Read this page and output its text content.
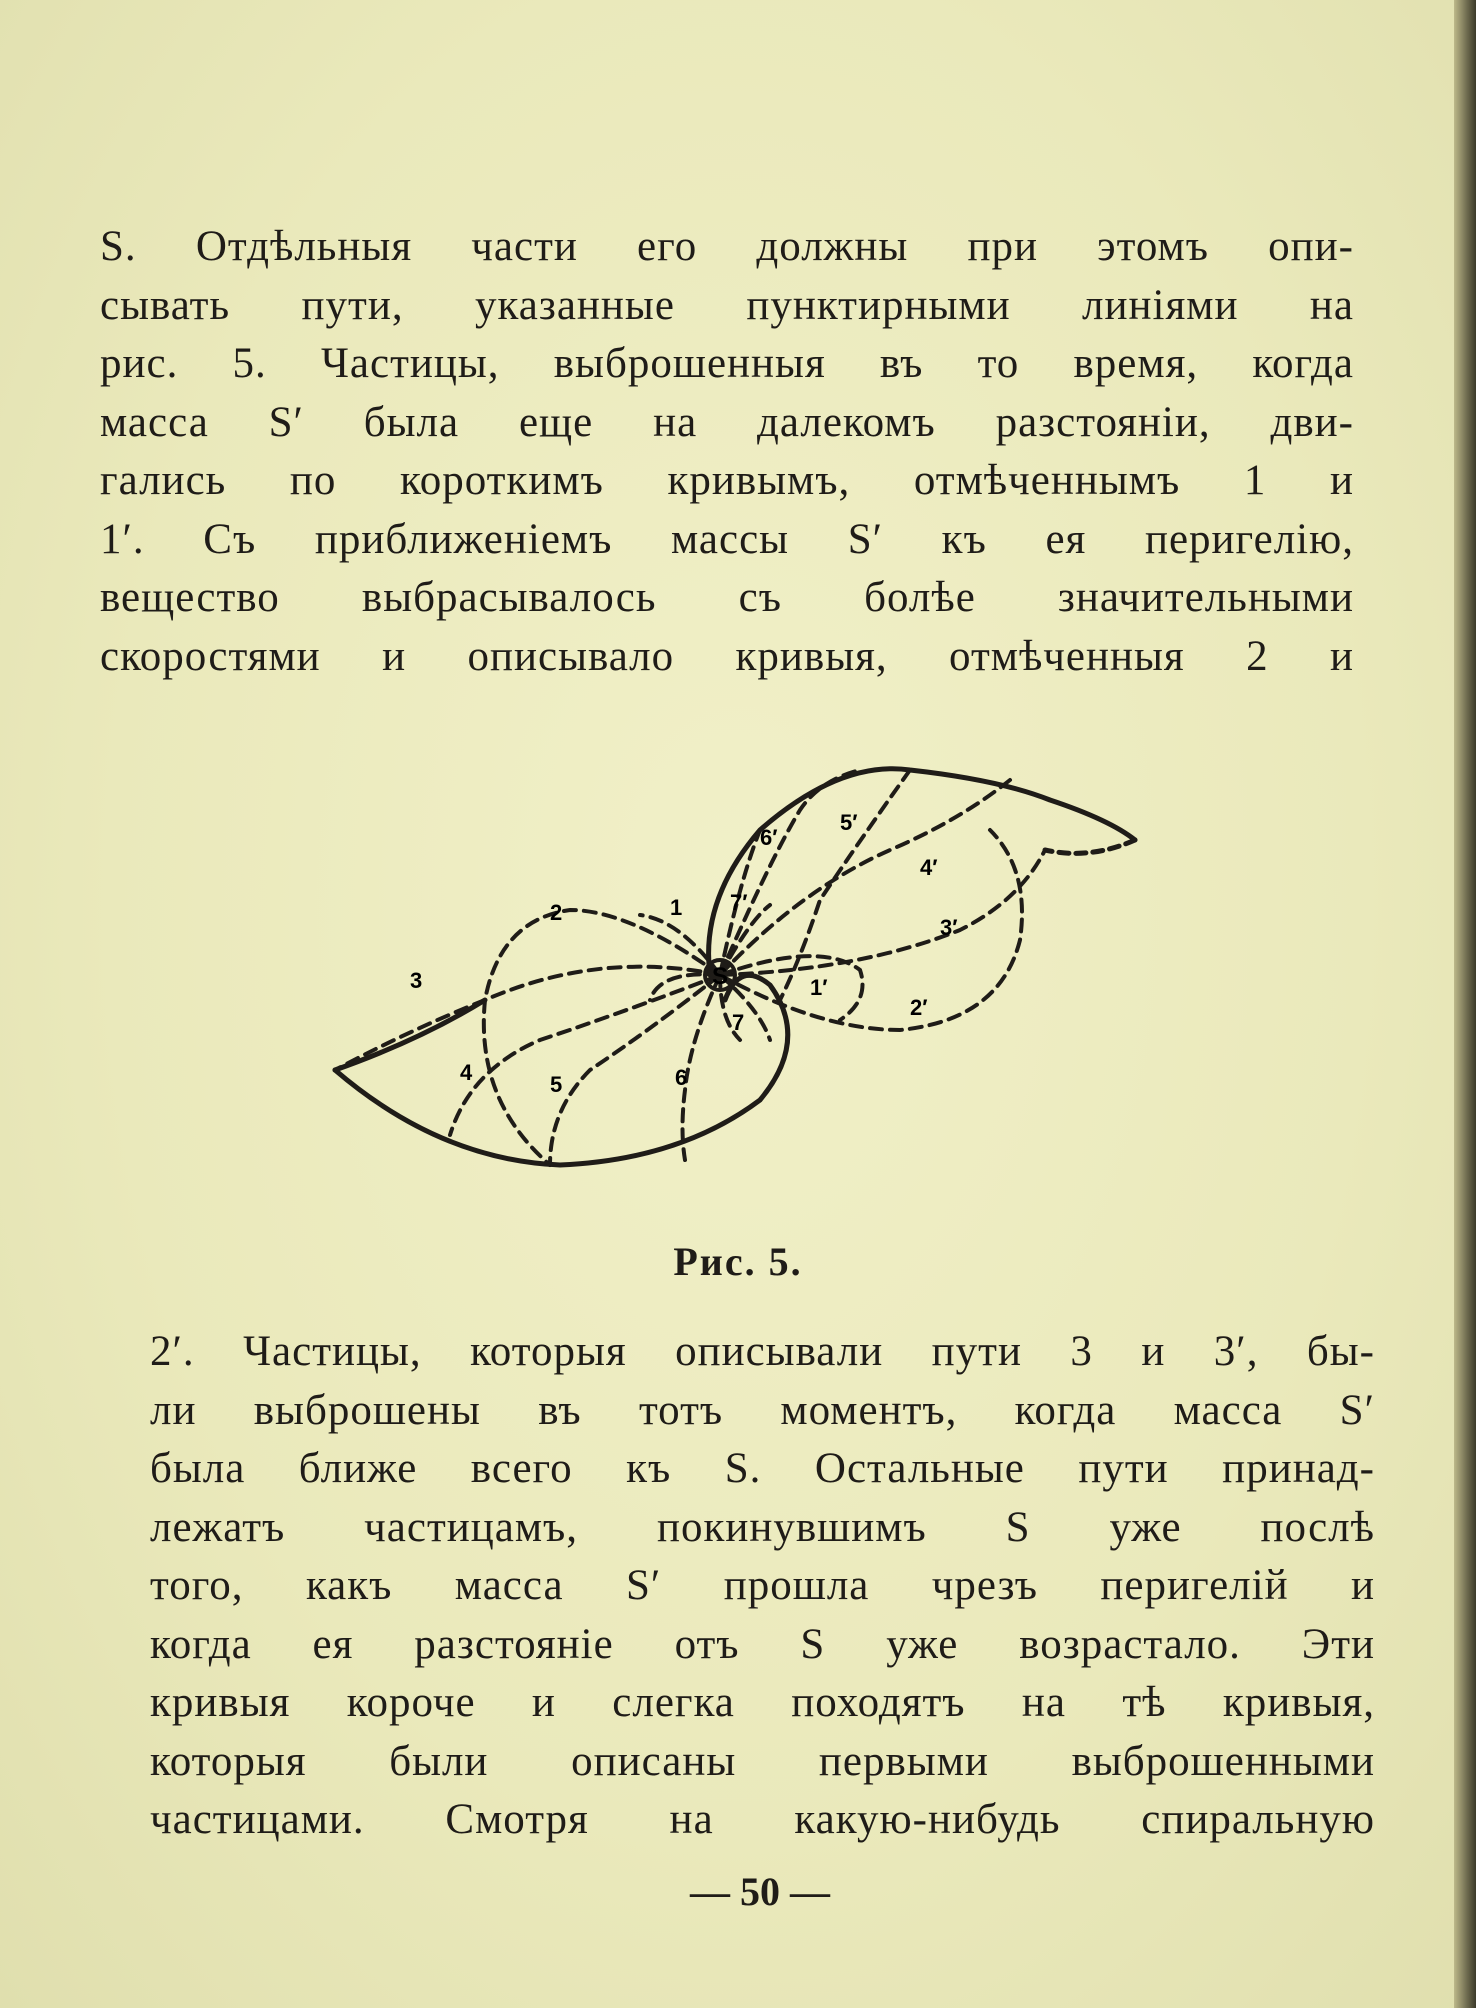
S. Отдѣльныя части его должны при этомъ опи-
сывать пути, указанные пунктирными линіями на
рис. 5. Частицы, выброшенныя въ то время, когда
масса S′ была еще на далекомъ разстояніи, дви-
гались по короткимъ кривымъ, отмѣченнымъ 1 и
1′. Съ приближеніемъ массы S′ къ ея перигелію,
вещество выбрасывалось съ болѣе значительными
скоростями и описывало кривыя, отмѣченныя 2 и
S
1
2
3
4	5	6
7
1′
2′
3′
4′
5′
6′
7′
Рис. 5.
2′. Частицы, которыя описывали пути 3 и 3′, бы-
ли выброшены въ тотъ моментъ, когда масса S′
была ближе всего къ S. Остальные пути принад-
лежатъ частицамъ, покинувшимъ S уже послѣ
того, какъ масса S′ прошла чрезъ перигелій и
когда ея разстояніе отъ S уже возрастало. Эти
кривыя короче и слегка походятъ на тѣ кривыя,
которыя были описаны первыми выброшенными
частицами. Смотря на какую-нибудь спиральную
— 50 —
